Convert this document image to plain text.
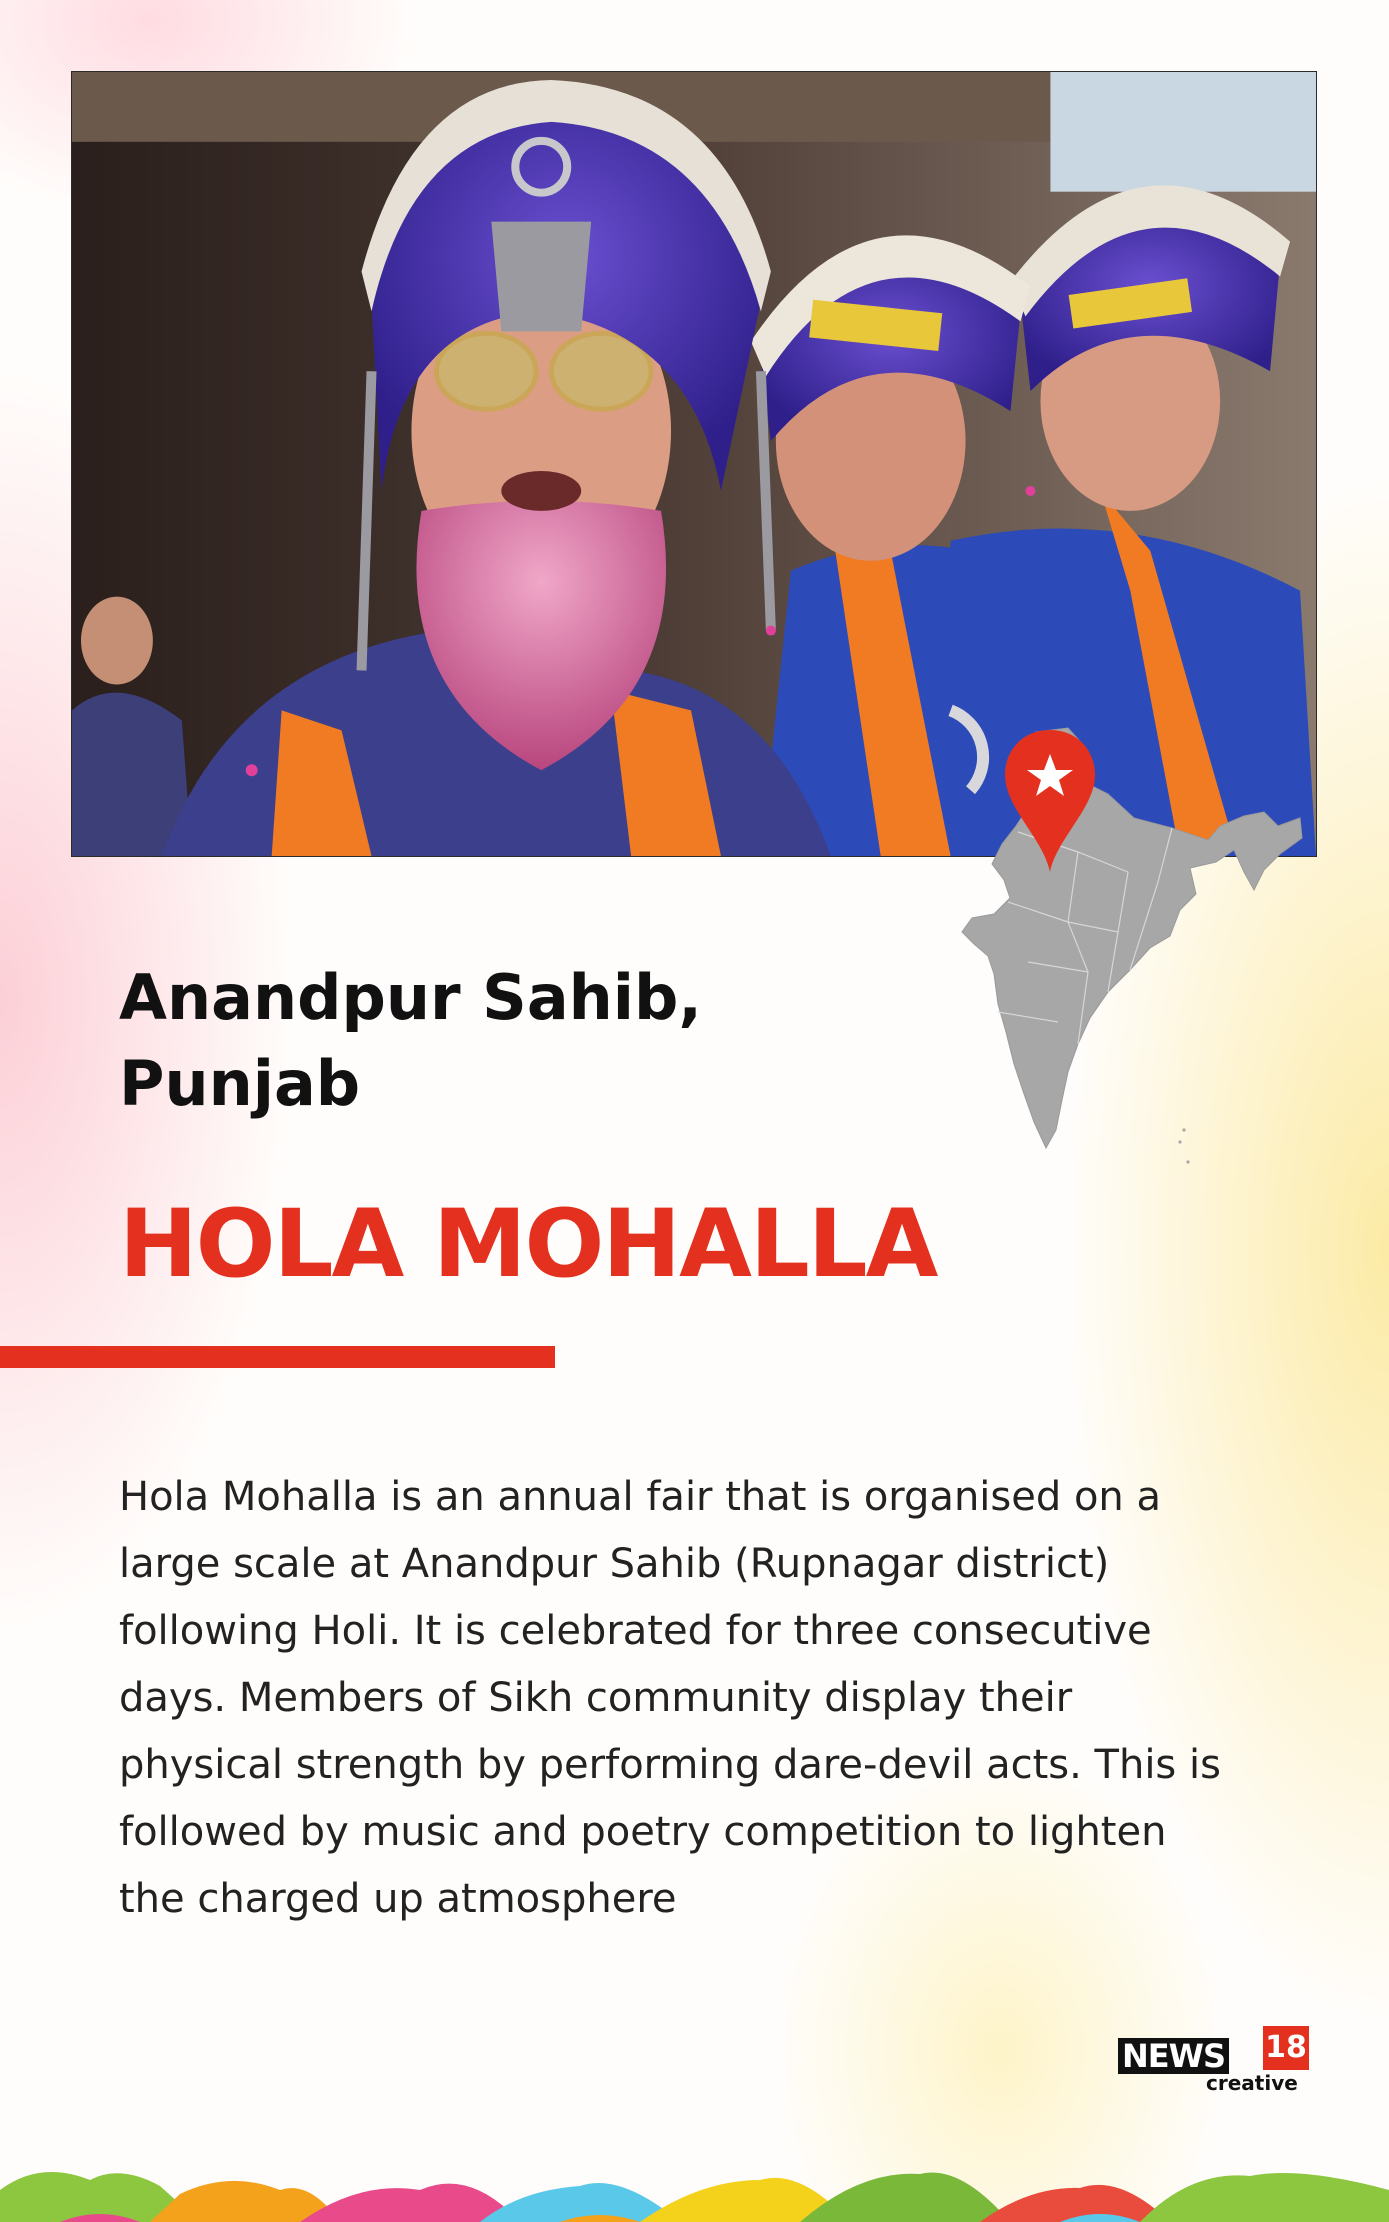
Anandpur Sahib,
Punjab
HOLA MOHALLA

Hola Mohalla is an annual fair that is organised on a large scale at Anandpur Sahib (Rupnagar district) following Holi. It is celebrated for three consecutive days. Members of Sikh community display their physical strength by performing dare-devil acts. This is followed by music and poetry competition to lighten the charged up atmosphere

NEWS 18
creative
